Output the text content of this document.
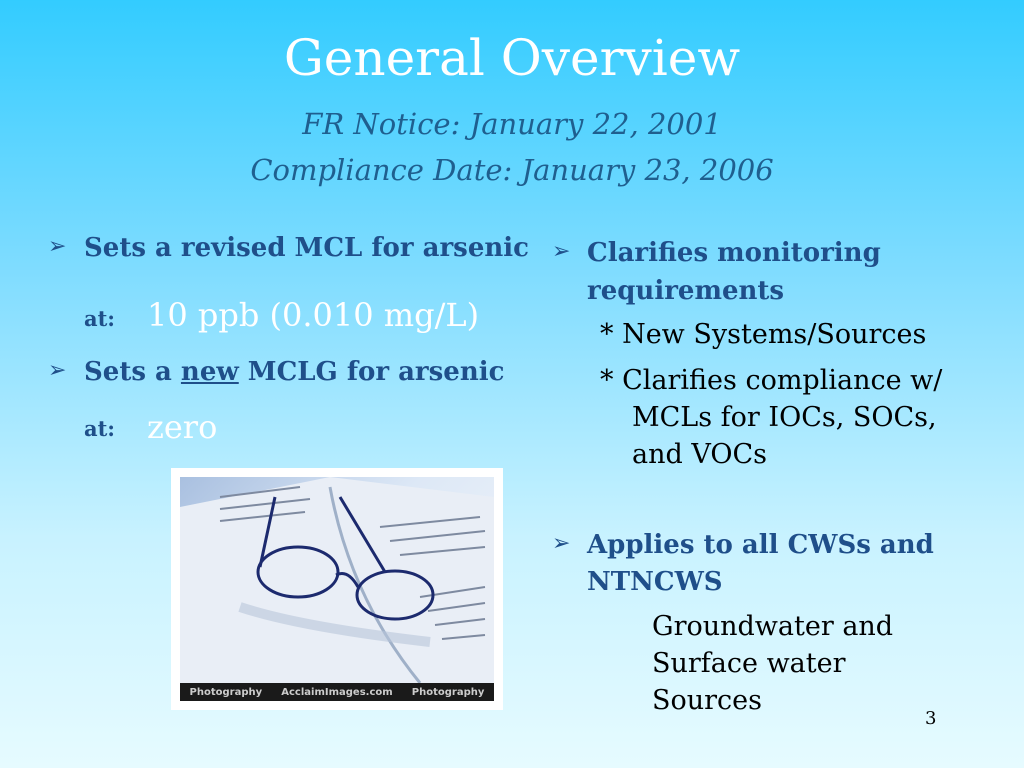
General Overview
FR Notice: January 22, 2001
Compliance Date: January 23, 2006
➢ Sets a revised MCL for arsenic
at: 10 ppb (0.010 mg/L)
➢ Sets a new MCLG for arsenic
at: zero
Photography AcclaimImages.com Photography
➢ Clarifies monitoring
requirements
* New Systems/Sources
* Clarifies compliance w/
MCLs for IOCs, SOCs,
and VOCs
➢ Applies to all CWSs and
NTNCWS
Groundwater and
Surface water
Sources
3
